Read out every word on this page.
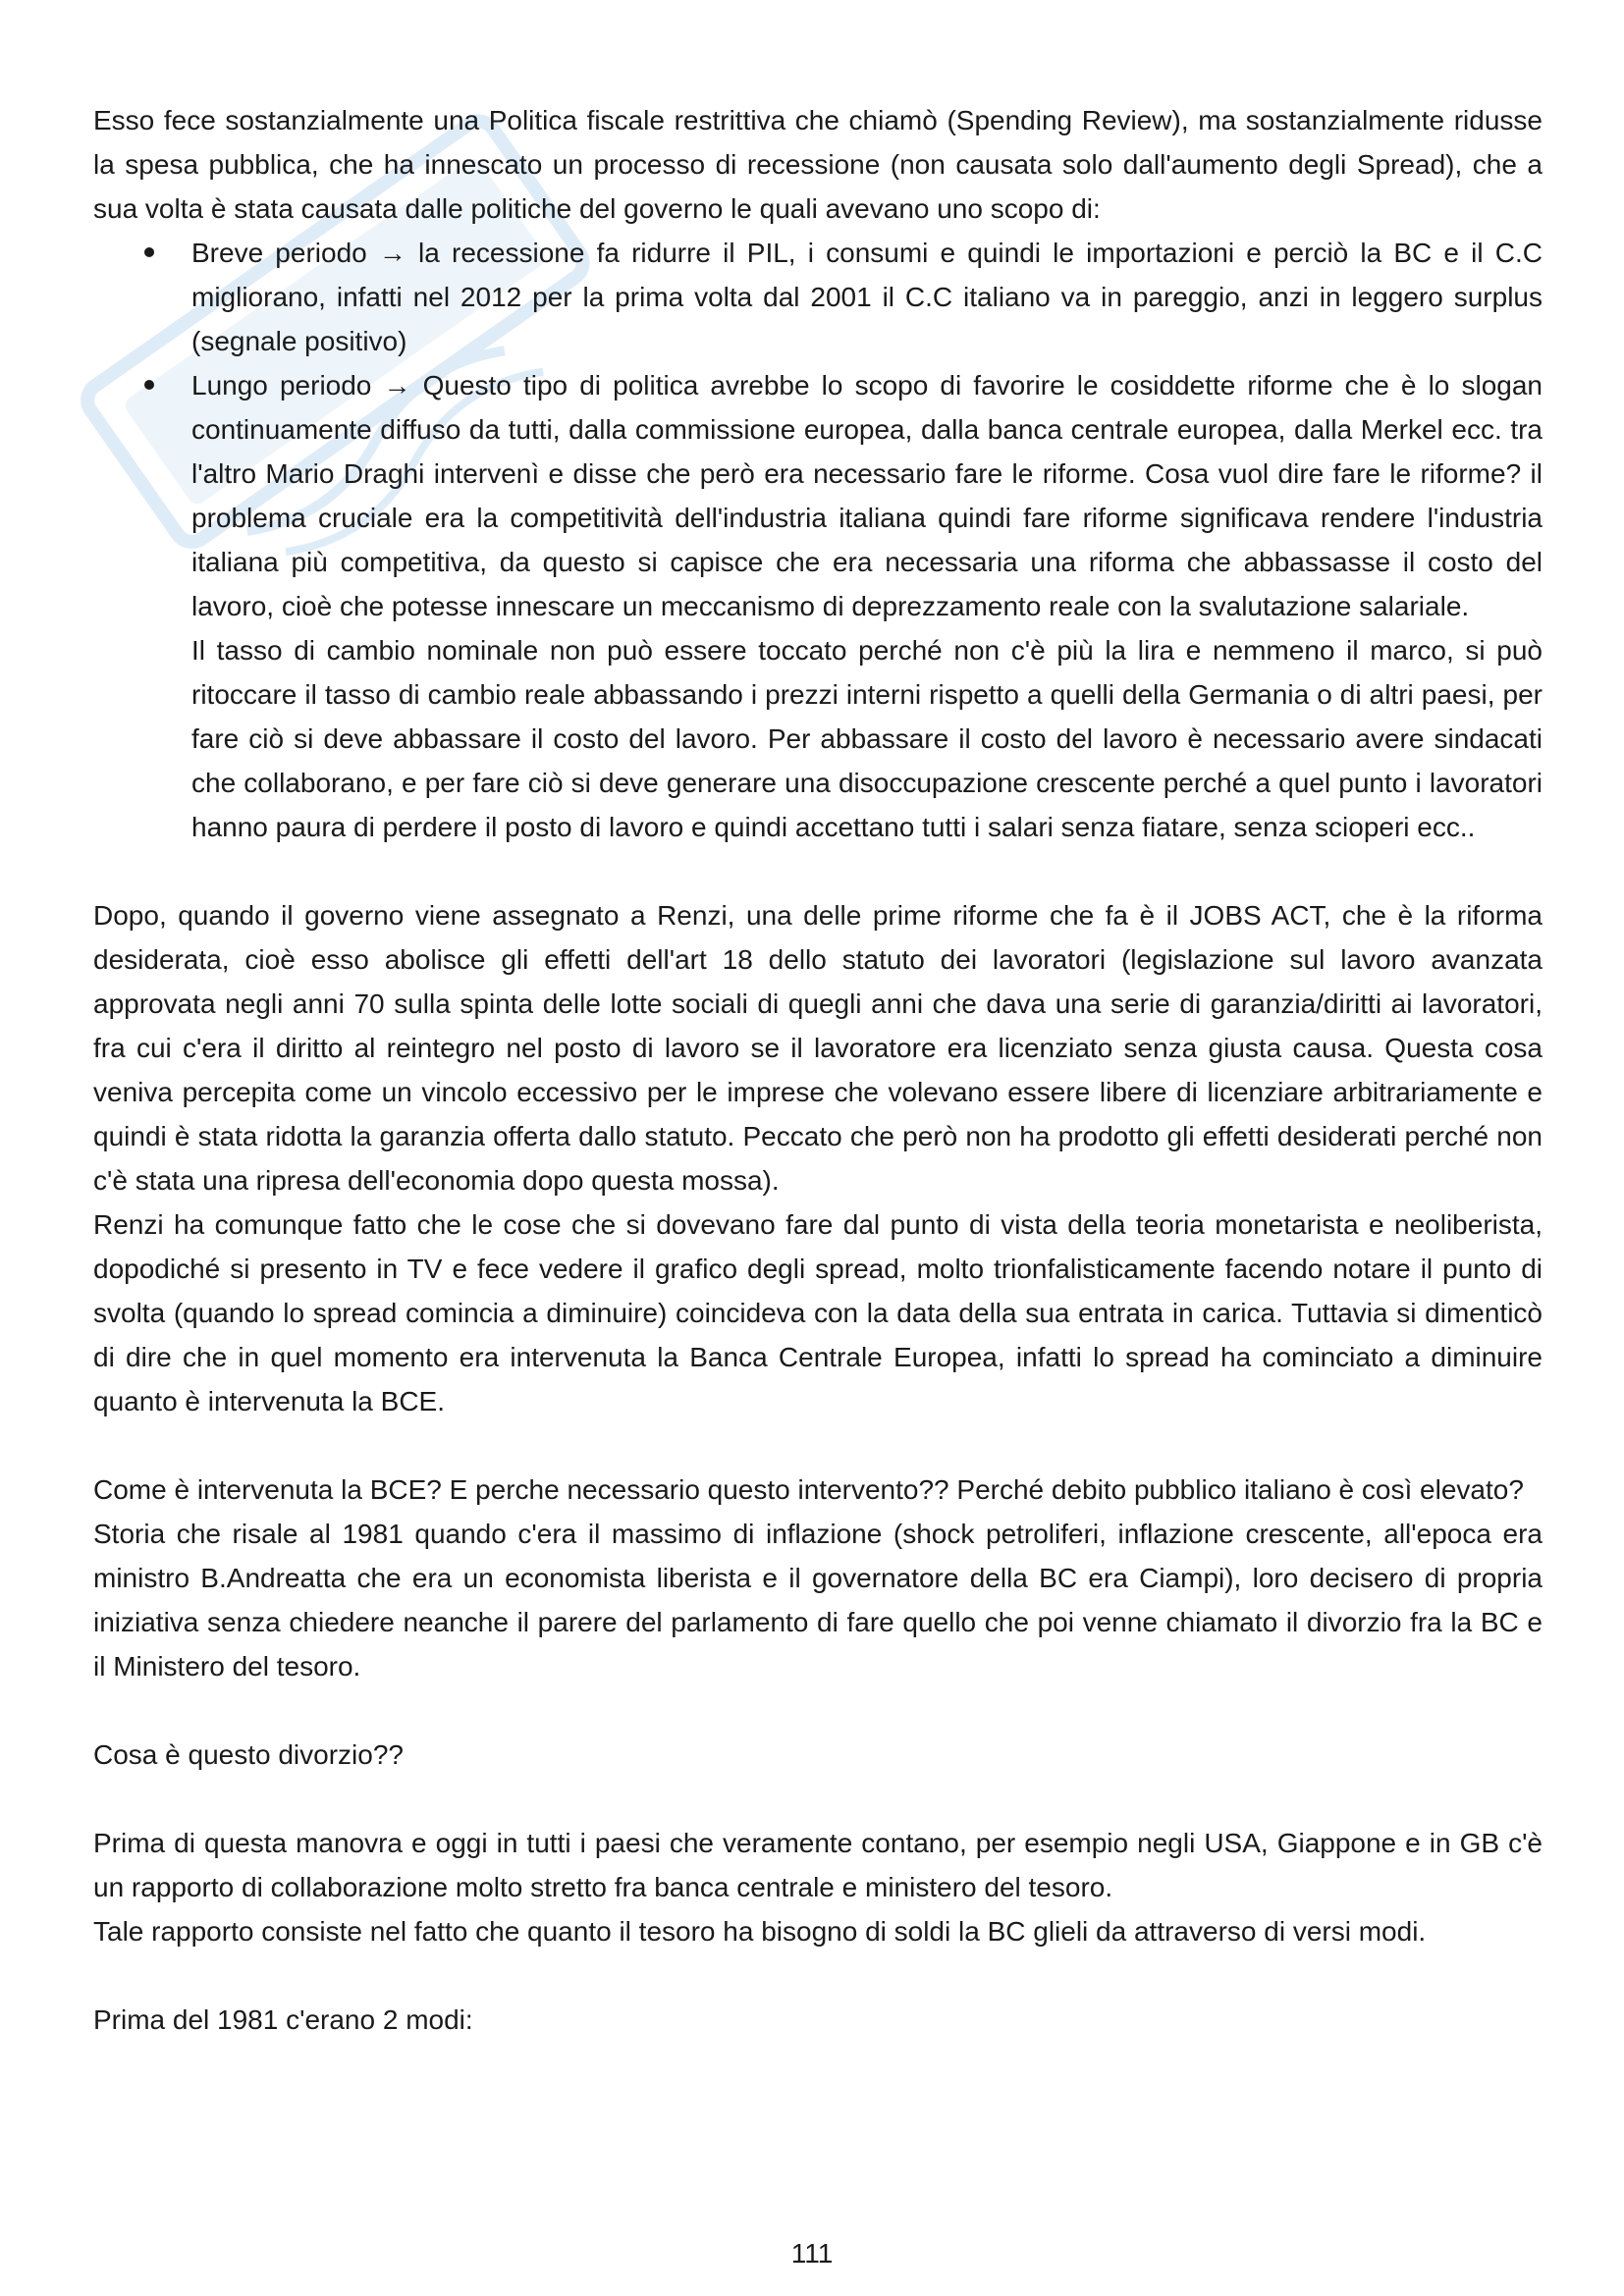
Esso fece sostanzialmente una Politica fiscale restrittiva che chiamò (Spending Review), ma sostanzialmente ridusse la spesa pubblica, che ha innescato un processo di recessione (non causata solo dall'aumento degli Spread), che a sua volta è stata causata dalle politiche del governo le quali avevano uno scopo di:

Breve periodo → la recessione fa ridurre il PIL, i consumi e quindi le importazioni e perciò la BC e il C.C migliorano, infatti nel 2012 per la prima volta dal 2001 il C.C italiano va in pareggio, anzi in leggero surplus (segnale positivo)
Lungo periodo → Questo tipo di politica avrebbe lo scopo di favorire le cosiddette riforme che è lo slogan continuamente diffuso da tutti, dalla commissione europea, dalla banca centrale europea, dalla Merkel ecc. tra l'altro Mario Draghi intervenì e disse che però era necessario fare le riforme. Cosa vuol dire fare le riforme? il problema cruciale era la competitività dell'industria italiana quindi fare riforme significava rendere l'industria italiana più competitiva, da questo si capisce che era necessaria una riforma che abbassasse il costo del lavoro, cioè che potesse innescare un meccanismo di deprezzamento reale con la svalutazione salariale.

Il tasso di cambio nominale non può essere toccato perché non c'è più la lira e nemmeno il marco, si può ritoccare il tasso di cambio reale abbassando i prezzi interni rispetto a quelli della Germania o di altri paesi, per fare ciò si deve abbassare il costo del lavoro. Per abbassare il costo del lavoro è necessario avere sindacati che collaborano, e per fare ciò si deve generare una disoccupazione crescente perché a quel punto i lavoratori hanno paura di perdere il posto di lavoro e quindi accettano tutti i salari senza fiatare, senza scioperi ecc..

Dopo, quando il governo viene assegnato a Renzi, una delle prime riforme che fa è il JOBS ACT, che è la riforma desiderata, cioè esso abolisce gli effetti dell'art 18 dello statuto dei lavoratori (legislazione sul lavoro avanzata approvata negli anni 70 sulla spinta delle lotte sociali di quegli anni che dava una serie di garanzia/diritti ai lavoratori, fra cui c'era il diritto al reintegro nel posto di lavoro se il lavoratore era licenziato senza giusta causa. Questa cosa veniva percepita come un vincolo eccessivo per le imprese che volevano essere libere di licenziare arbitrariamente e quindi è stata ridotta la garanzia offerta dallo statuto. Peccato che però non ha prodotto gli effetti desiderati perché non c'è stata una ripresa dell'economia dopo questa mossa).

Renzi ha comunque fatto che le cose che si dovevano fare dal punto di vista della teoria monetarista e neoliberista, dopodiché si presento in TV e fece vedere il grafico degli spread, molto trionfalisticamente facendo notare il punto di svolta (quando lo spread comincia a diminuire) coincideva con la data della sua entrata in carica. Tuttavia si dimenticò di dire che in quel momento era intervenuta la Banca Centrale Europea, infatti lo spread ha cominciato a diminuire quanto è intervenuta la BCE.

Come è intervenuta la BCE? E perche necessario questo intervento?? Perché debito pubblico italiano è così elevato?

Storia che risale al 1981 quando c'era il massimo di inflazione (shock petroliferi, inflazione crescente, all'epoca era ministro B.Andreatta che era un economista liberista e il governatore della BC era Ciampi), loro decisero di propria iniziativa senza chiedere neanche il parere del parlamento di fare quello che poi venne chiamato il divorzio fra la BC e il Ministero del tesoro.

Cosa è questo divorzio??

Prima di questa manovra e oggi in tutti i paesi che veramente contano, per esempio negli USA, Giappone e in GB c'è un rapporto di collaborazione molto stretto fra banca centrale e ministero del tesoro.

Tale rapporto consiste nel fatto che quanto il tesoro ha bisogno di soldi la BC glieli da attraverso di versi modi.

Prima del 1981 c'erano 2 modi:

111
